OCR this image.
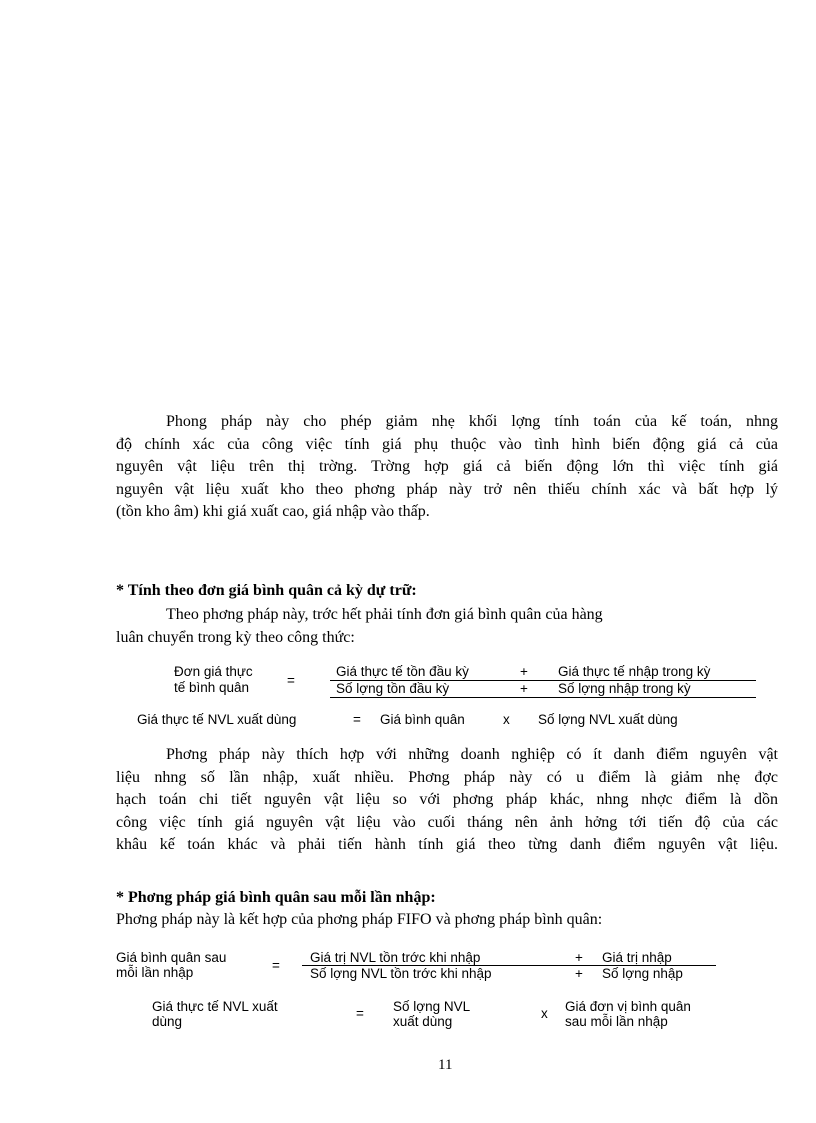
Phong pháp này cho phép giảm nhẹ khối lợng tính toán của kế toán, nhng
độ chính xác của công việc tính giá phụ thuộc vào tình hình biến động giá cả của
nguyên vật liệu trên thị trờng. Trờng hợp giá cả biến động lớn thì việc tính giá
nguyên vật liệu xuất kho theo phơng pháp này trở nên thiếu chính xác và bất hợp lý
(tồn kho âm) khi giá xuất cao, giá nhập vào thấp.
* Tính theo đơn giá bình quân cả kỳ dự trữ:
Theo phơng pháp này, trớc hết phải tính đơn giá bình quân của hàng
luân chuyển trong kỳ theo công thức:
Đơn giá thực
tế bình quân	=
Giá thực tế tồn đầu kỳ	+ Giá thực tế nhập trong kỳ
Số lợng tồn đầu kỳ	+ Số lợng nhập trong kỳ
Giá thực tế NVL xuất dùng	= Giá bình quân	x Số lợng NVL xuất dùng
Phơng pháp này thích hợp với những doanh nghiệp có ít danh điểm nguyên vật
liệu nhng số lần nhập, xuất nhiều. Phơng pháp này có u điểm là giảm nhẹ đợc
hạch toán chi tiết nguyên vật liệu so với phơng pháp khác, nhng nhợc điểm là dồn
công việc tính giá nguyên vật liệu vào cuối tháng nên ảnh hởng tới tiến độ của các
khâu kế toán khác và phải tiến hành tính giá theo từng danh điểm nguyên vật liệu.
* Phơng pháp giá bình quân sau mỗi lần nhập:
Phơng pháp này là kết hợp của phơng pháp FIFO và phơng pháp bình quân:
Giá bình quân sau
mỗi lần nhập	=
Giá trị NVL tồn trớc khi nhập	+ Giá trị nhập
Số lợng NVL tồn trớc khi nhập	+ Số lợng nhập
Giá thực tế NVL xuất
dùng
= Số lợng NVL
xuất dùng
x Giá đơn vị bình quân
sau mỗi lần nhập
11
